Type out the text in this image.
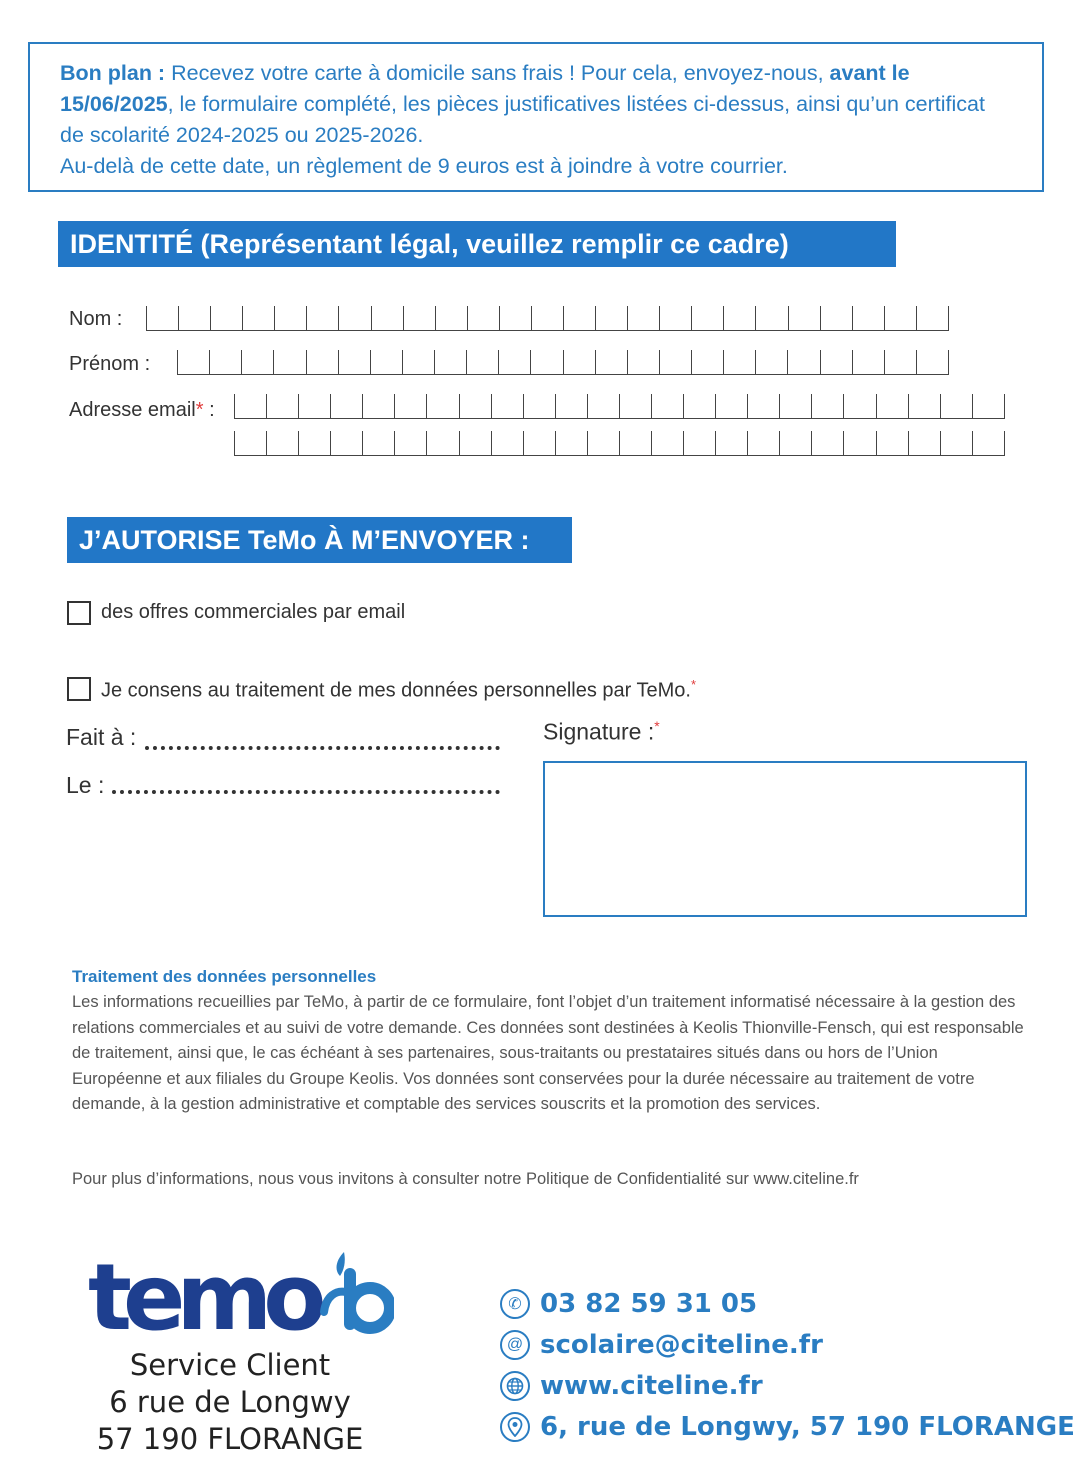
Bon plan : Recevez votre carte à domicile sans frais ! Pour cela, envoyez-nous, avant le 15/06/2025, le formulaire complété, les pièces justificatives listées ci-dessus, ainsi qu’un certificat de scolarité 2024-2025 ou 2025-2026.
Au-delà de cette date, un règlement de 9 euros est à joindre à votre courrier.
IDENTITÉ (Représentant légal, veuillez remplir ce cadre)
Nom :
Prénom :
Adresse email* :
J’AUTORISE TeMo À M’ENVOYER :
des offres commerciales par email
Je consens au traitement de mes données personnelles par TeMo.*
Fait à :
Le :
Signature :*
Traitement des données personnelles
Les informations recueillies par TeMo, à partir de ce formulaire, font l’objet d’un traitement informatisé nécessaire à la gestion des relations commerciales et au suivi de votre demande. Ces données sont destinées à Keolis Thionville-Fensch, qui est responsable de traitement, ainsi que, le cas échéant à ses partenaires, sous-traitants ou prestataires situés dans ou hors de l’Union Européenne et aux filiales du Groupe Keolis. Vos données sont conservées pour la durée nécessaire au traitement de votre demande, à la gestion administrative et comptable des services souscrits et la promotion des services.
Pour plus d’informations, nous vous invitons à consulter notre Politique de Confidentialité sur www.citeline.fr
temo
Service Client
6 rue de Longwy
57 190 FLORANGE
✆ 03 82 59 31 05
@ scolaire@citeline.fr
www.citeline.fr
6, rue de Longwy, 57 190 FLORANGE
